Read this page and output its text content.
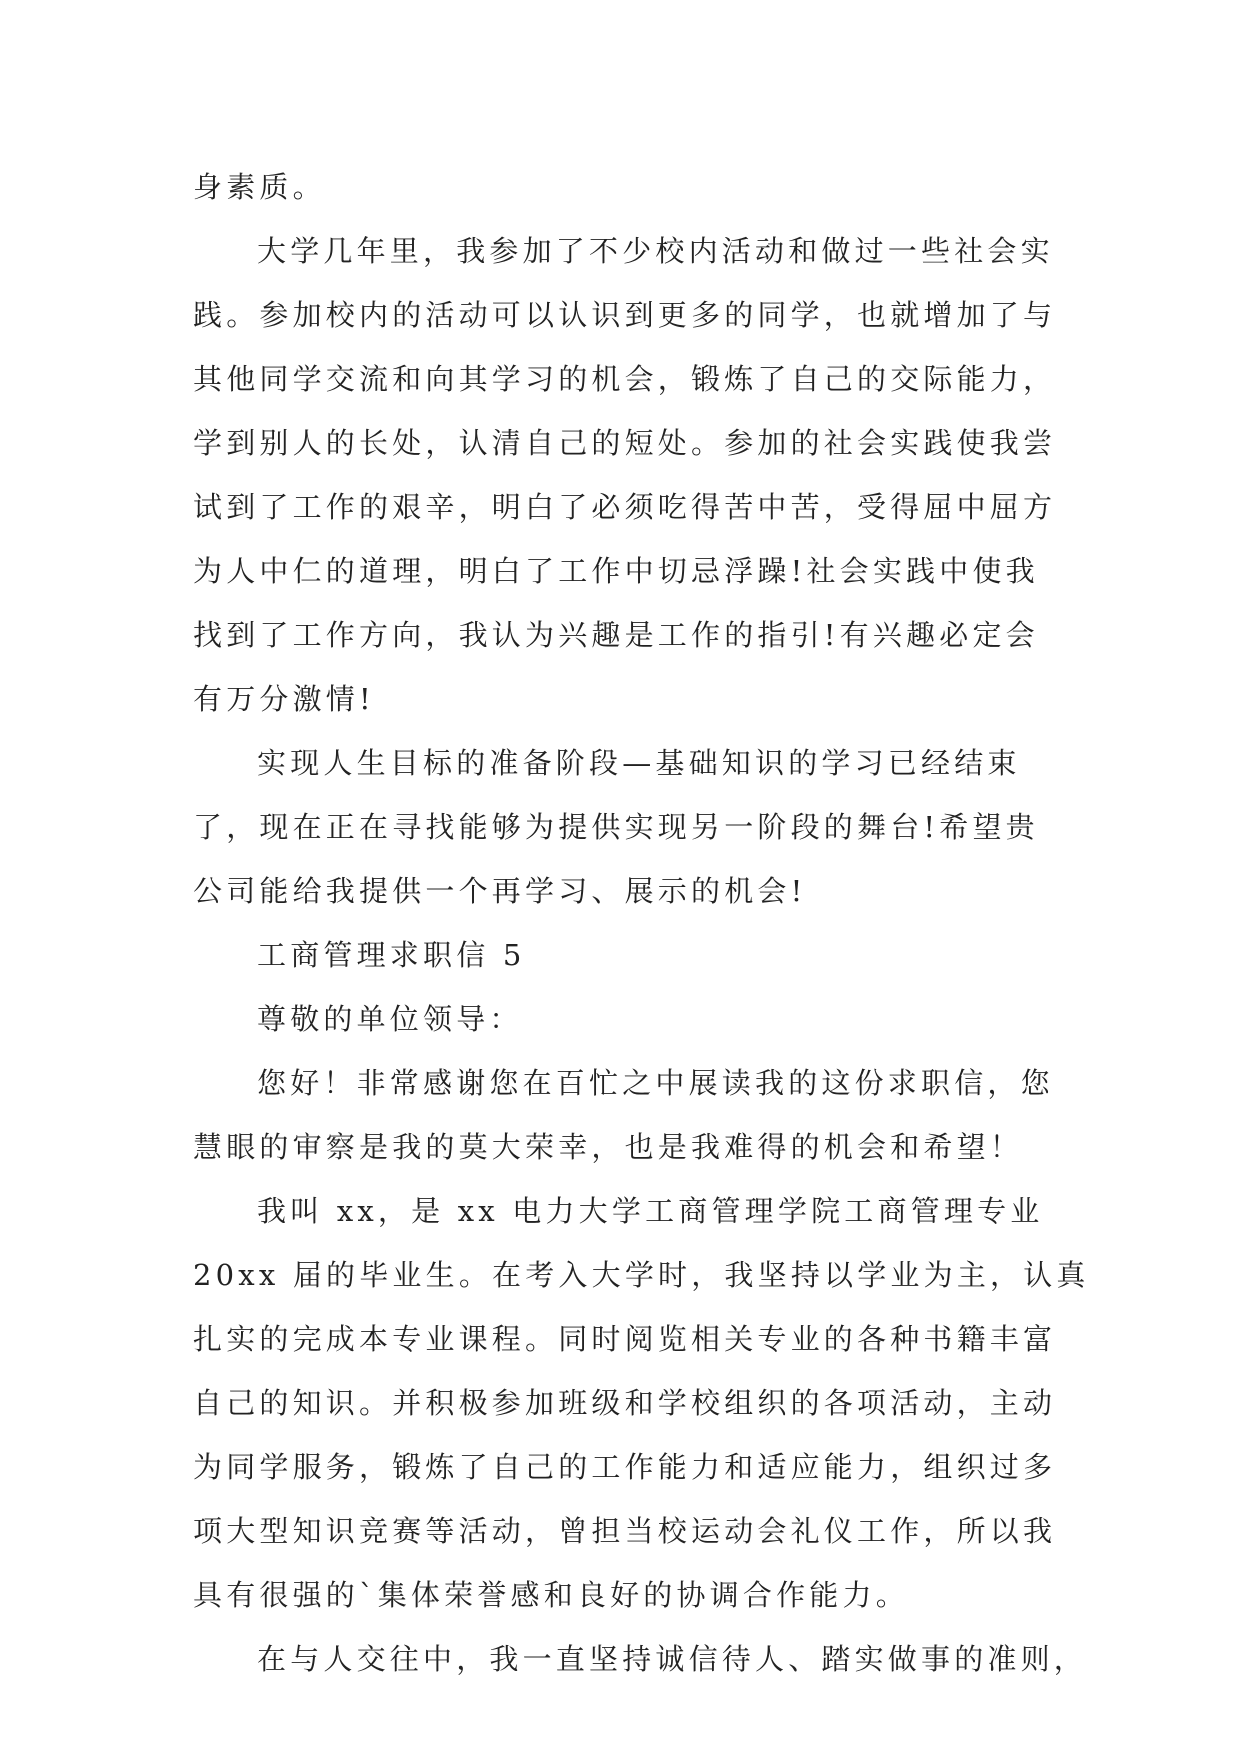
身素质。
大学几年里，我参加了不少校内活动和做过一些社会实
践。参加校内的活动可以认识到更多的同学，也就增加了与
其他同学交流和向其学习的机会，锻炼了自己的交际能力，
学到别人的长处，认清自己的短处。参加的社会实践使我尝
试到了工作的艰辛，明白了必须吃得苦中苦，受得屈中屈方
为人中仁的道理，明白了工作中切忌浮躁!社会实践中使我
找到了工作方向，我认为兴趣是工作的指引!有兴趣必定会
有万分激情!
实现人生目标的准备阶段—基础知识的学习已经结束
了，现在正在寻找能够为提供实现另一阶段的舞台!希望贵
公司能给我提供一个再学习、展示的机会!
工商管理求职信 5
尊敬的单位领导：
您好！非常感谢您在百忙之中展读我的这份求职信，您
慧眼的审察是我的莫大荣幸，也是我难得的机会和希望！
我叫 xx，是 xx 电力大学工商管理学院工商管理专业
20xx 届的毕业生。在考入大学时，我坚持以学业为主，认真
扎实的完成本专业课程。同时阅览相关专业的各种书籍丰富
自己的知识。并积极参加班级和学校组织的各项活动，主动
为同学服务，锻炼了自己的工作能力和适应能力，组织过多
项大型知识竞赛等活动，曾担当校运动会礼仪工作，所以我
具有很强的`集体荣誉感和良好的协调合作能力。
在与人交往中，我一直坚持诚信待人、踏实做事的准则，
